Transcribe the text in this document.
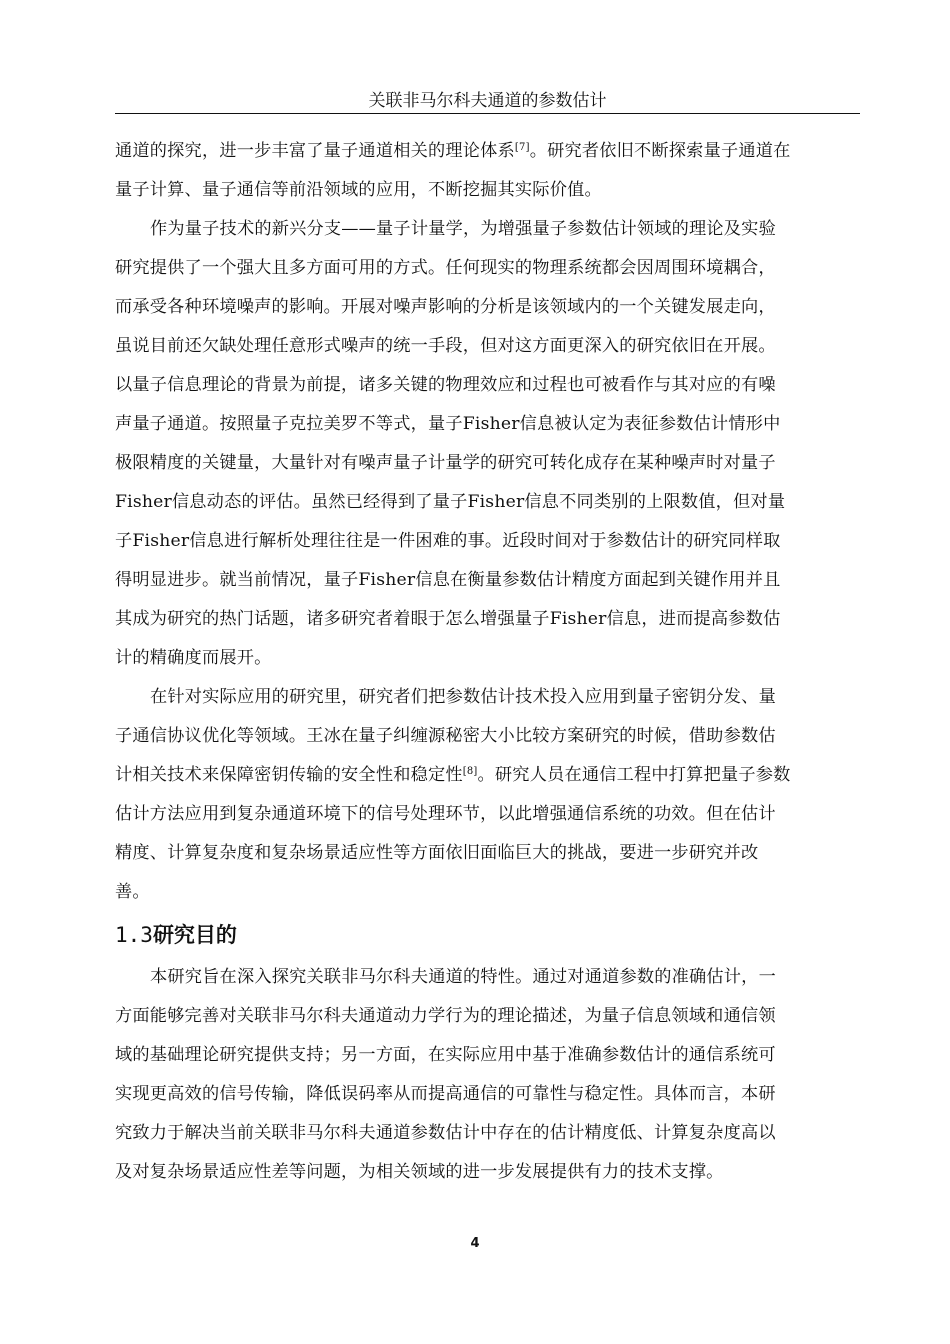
关联非马尔科夫通道的参数估计

通道的探究，进一步丰富了量子通道相关的理论体系[7]。研究者依旧不断探索量子通道在
量子计算、量子通信等前沿领域的应用，不断挖掘其实际价值。

作为量子技术的新兴分支——量子计量学，为增强量子参数估计领域的理论及实验
研究提供了一个强大且多方面可用的方式。任何现实的物理系统都会因周围环境耦合，
而承受各种环境噪声的影响。开展对噪声影响的分析是该领域内的一个关键发展走向，
虽说目前还欠缺处理任意形式噪声的统一手段，但对这方面更深入的研究依旧在开展。
以量子信息理论的背景为前提，诸多关键的物理效应和过程也可被看作与其对应的有噪
声量子通道。按照量子克拉美罗不等式，量子Fisher信息被认定为表征参数估计情形中
极限精度的关键量，大量针对有噪声量子计量学的研究可转化成存在某种噪声时对量子
Fisher信息动态的评估。虽然已经得到了量子Fisher信息不同类别的上限数值，但对量
子Fisher信息进行解析处理往往是一件困难的事。近段时间对于参数估计的研究同样取
得明显进步。就当前情况，量子Fisher信息在衡量参数估计精度方面起到关键作用并且
其成为研究的热门话题，诸多研究者着眼于怎么增强量子Fisher信息，进而提高参数估
计的精确度而展开。

在针对实际应用的研究里，研究者们把参数估计技术投入应用到量子密钥分发、量
子通信协议优化等领域。王冰在量子纠缠源秘密大小比较方案研究的时候，借助参数估
计相关技术来保障密钥传输的安全性和稳定性[8]。研究人员在通信工程中打算把量子参数
估计方法应用到复杂通道环境下的信号处理环节，以此增强通信系统的功效。但在估计
精度、计算复杂度和复杂场景适应性等方面依旧面临巨大的挑战，要进一步研究并改
善。

1.3研究目的

本研究旨在深入探究关联非马尔科夫通道的特性。通过对通道参数的准确估计，一
方面能够完善对关联非马尔科夫通道动力学行为的理论描述，为量子信息领域和通信领
域的基础理论研究提供支持；另一方面，在实际应用中基于准确参数估计的通信系统可
实现更高效的信号传输，降低误码率从而提高通信的可靠性与稳定性。具体而言，本研
究致力于解决当前关联非马尔科夫通道参数估计中存在的估计精度低、计算复杂度高以
及对复杂场景适应性差等问题，为相关领域的进一步发展提供有力的技术支撑。

4
